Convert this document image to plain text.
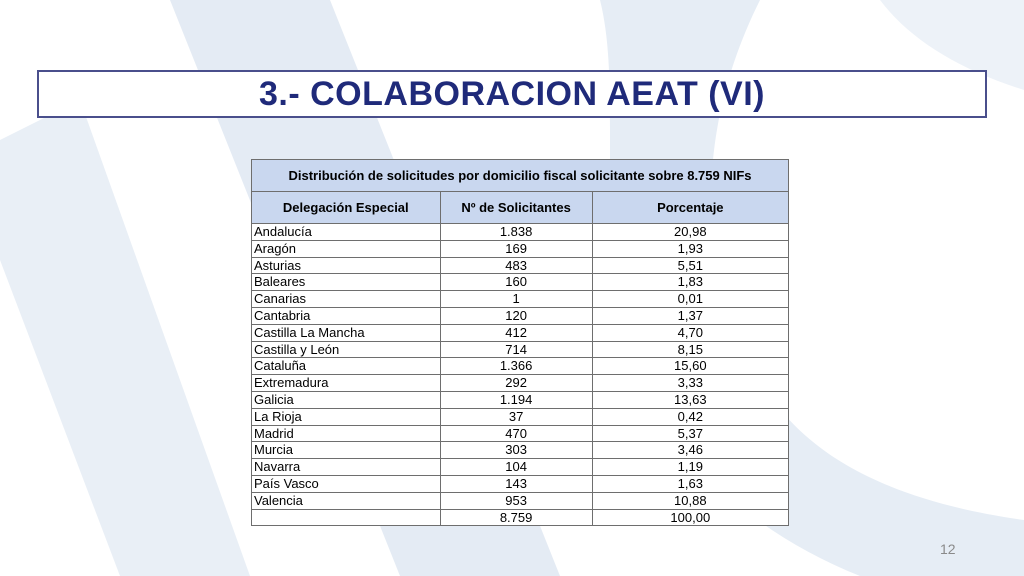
3.- COLABORACION AEAT (VI)
Distribución de solicitudes por domicilio fiscal solicitante sobre 8.759 NIFs		
Delegación Especial	Nº de Solicitantes	Porcentaje
Andalucía	1.838	20,98
Aragón	169	1,93
Asturias	483	5,51
Baleares	160	1,83
Canarias	1	0,01
Cantabria	120	1,37
Castilla La Mancha	412	4,70
Castilla y León	714	8,15
Cataluña	1.366	15,60
Extremadura	292	3,33
Galicia	1.194	13,63
La Rioja	37	0,42
Madrid	470	5,37
Murcia	303	3,46
Navarra	104	1,19
País Vasco	143	1,63
Valencia	953	10,88
	8.759	100,00
12
